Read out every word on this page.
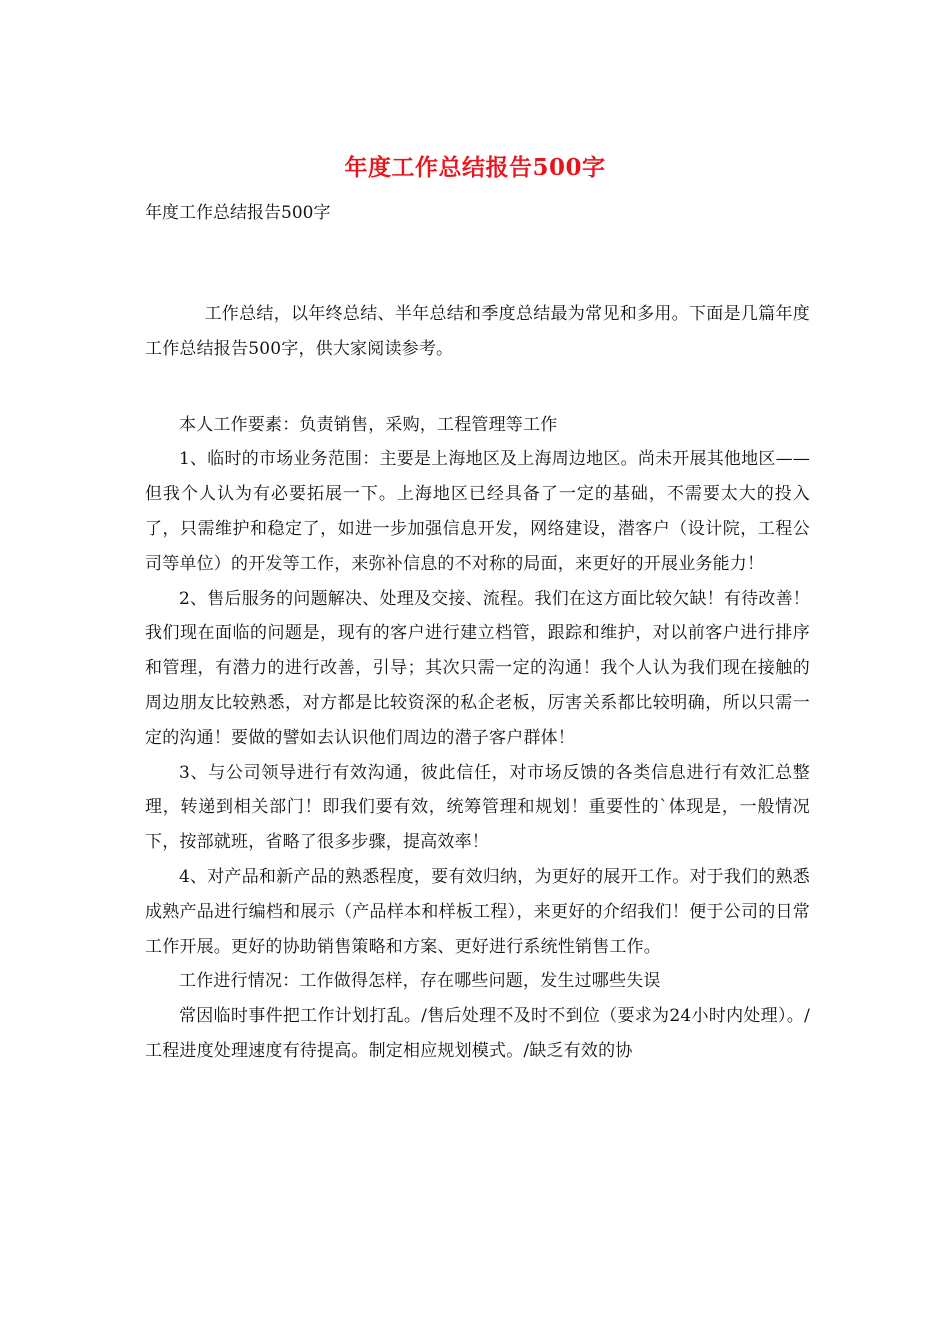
年度工作总结报告500字
年度工作总结报告500字

工作总结，以年终总结、半年总结和季度总结最为常见和多用。下面是几篇年度工作总结报告500字，供大家阅读参考。

本人工作要素：负责销售，采购，工程管理等工作

1、临时的市场业务范围：主要是上海地区及上海周边地区。尚未开展其他地区——但我个人认为有必要拓展一下。上海地区已经具备了一定的基础，不需要太大的投入了，只需维护和稳定了，如进一步加强信息开发，网络建设，潜客户（设计院，工程公司等单位）的开发等工作，来弥补信息的不对称的局面，来更好的开展业务能力！

2、售后服务的问题解决、处理及交接、流程。我们在这方面比较欠缺！有待改善！我们现在面临的问题是，现有的客户进行建立档管，跟踪和维护，对以前客户进行排序和管理，有潜力的进行改善，引导；其次只需一定的沟通！我个人认为我们现在接触的周边朋友比较熟悉，对方都是比较资深的私企老板，厉害关系都比较明确，所以只需一定的沟通！要做的譬如去认识他们周边的潜子客户群体！

3、与公司领导进行有效沟通，彼此信任，对市场反馈的各类信息进行有效汇总整理，转递到相关部门！即我们要有效，统筹管理和规划！重要性的`体现是，一般情况下，按部就班，省略了很多步骤，提高效率！

4、对产品和新产品的熟悉程度，要有效归纳，为更好的展开工作。对于我们的熟悉成熟产品进行编档和展示（产品样本和样板工程），来更好的介绍我们！便于公司的日常工作开展。更好的协助销售策略和方案、更好进行系统性销售工作。

工作进行情况：工作做得怎样，存在哪些问题，发生过哪些失误

常因临时事件把工作计划打乱。/售后处理不及时不到位（要求为24小时内处理）。/工程进度处理速度有待提高。制定相应规划模式。/缺乏有效的协
